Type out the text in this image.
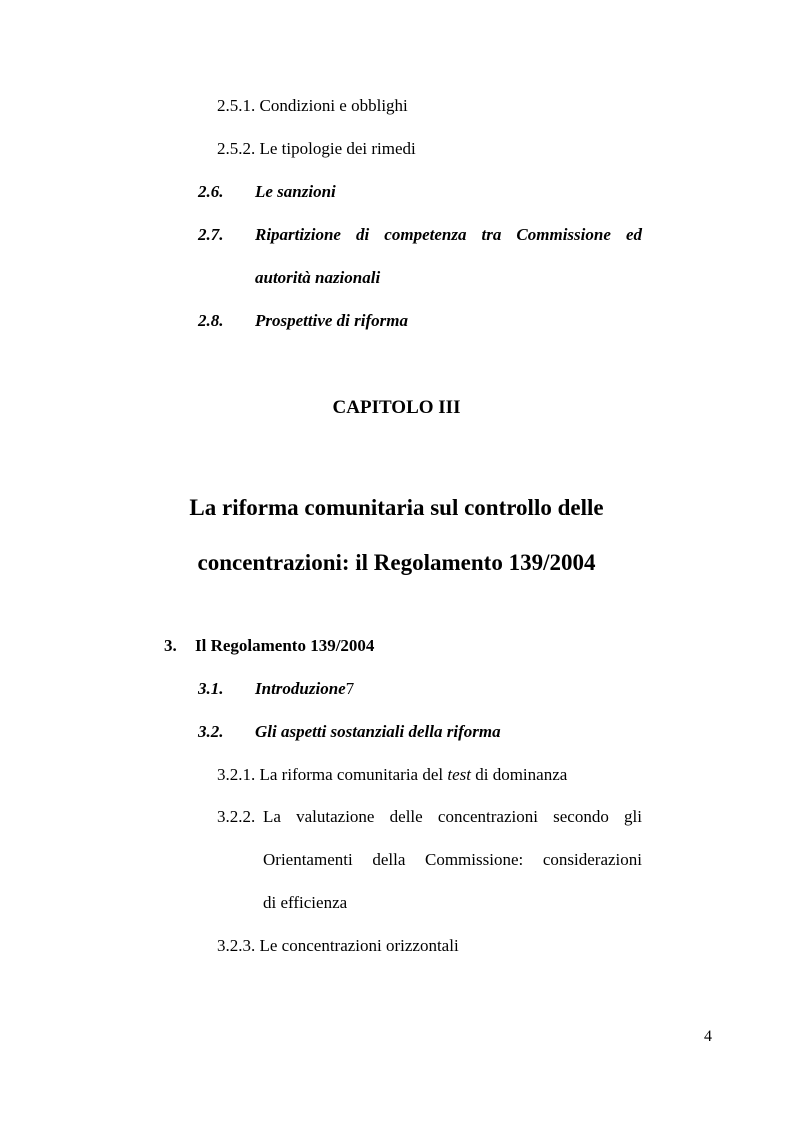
2.5.1. Condizioni e obblighi
2.5.2. Le tipologie dei rimedi
2.6. Le sanzioni
2.7. Ripartizione di competenza tra Commissione ed
autorità nazionali
2.8. Prospettive di riforma
CAPITOLO III
La riforma comunitaria sul controllo delle
concentrazioni: il Regolamento 139/2004
3. Il Regolamento 139/2004
3.1. Introduzione7
3.2. Gli aspetti sostanziali della riforma
3.2.1. La riforma comunitaria del test di dominanza
3.2.2. La valutazione delle concentrazioni secondo gli
Orientamenti della Commissione: considerazioni
di efficienza
3.2.3. Le concentrazioni orizzontali
4
